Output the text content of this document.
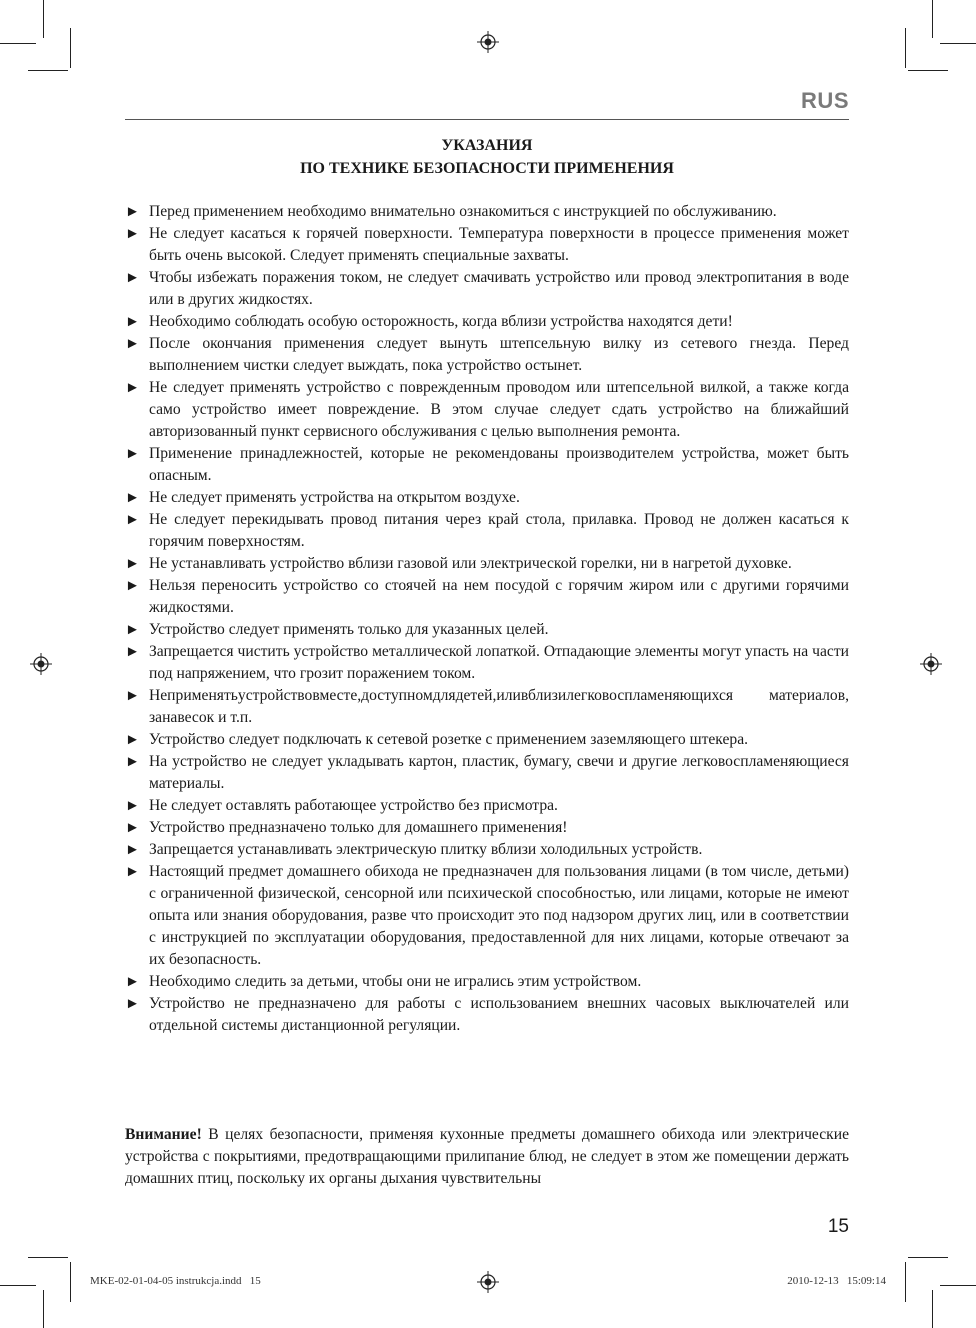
RUS
УКАЗАНИЯ
ПО ТЕХНИКЕ БЕЗОПАСНОСТИ ПРИМЕНЕНИЯ
► Перед применением необходимо внимательно ознакомиться с инструкцией по обслуживанию.
► Не следует касаться к горячей поверхности. Температура поверхности в процессе применения может быть очень высокой. Следует применять специальные захваты.
► Чтобы избежать поражения током, не следует смачивать устройство или провод электропитания в воде или в других жидкостях.
► Необходимо соблюдать особую осторожность, когда вблизи устройства находятся дети!
► После окончания применения следует вынуть штепсельную вилку из сетевого гнезда. Перед выполнением чистки следует выждать, пока устройство остынет.
► Не следует применять устройство с поврежденным проводом или штепсельной вилкой, а также когда само устройство имеет повреждение. В этом случае следует сдать устройство на ближайший авторизованный пункт сервисного обслуживания с целью выполнения ремонта.
► Применение принадлежностей, которые не рекомендованы производителем устройства, может быть опасным.
► Не следует применять устройства на открытом воздухе.
► Не следует перекидывать провод питания через край стола, прилавка. Провод не должен касаться к горячим поверхностям.
► Не устанавливать устройство вблизи газовой или электрической горелки, ни в нагретой духовке.
► Нельзя переносить устройство со стоячей на нем посудой с горячим жиром или с другими горячими жидкостями.
► Устройство следует применять только для указанных целей.
► Запрещается чистить устройство металлической лопаткой. Отпадающие элементы могут упасть на части под напряжением, что грозит поражением током.
► Неприменятьустройствовместе,доступномдлядетей,иливблизилегковоспламеняющихся материалов, занавесок и т.п.
► Устройство следует подключать к сетевой розетке с применением заземляющего штекера.
► На устройство не следует укладывать картон, пластик, бумагу, свечи и другие легковоспламеняющиеся материалы.
► Не следует оставлять работающее устройство без присмотра.
► Устройство предназначено только для домашнего применения!
► Запрещается устанавливать электрическую плитку вблизи холодильных устройств.
► Настоящий предмет домашнего обихода не предназначен для пользования лицами (в том числе, детьми) с ограниченной физической, сенсорной или психической способностью, или лицами, которые не имеют опыта или знания оборудования, разве что происходит это под надзором других лиц, или в соответствии с инструкцией по эксплуатации оборудования, предоставленной для них лицами, которые отвечают за их безопасность.
► Необходимо следить за детьми, чтобы они не игрались этим устройством.
► Устройство не предназначено для работы с использованием внешних часовых выключателей или отдельной системы дистанционной регуляции.

Внимание! В целях безопасности, применяя кухонные предметы домашнего обихода или электрические устройства с покрытиями, предотвращающими прилипание блюд, не следует в этом же помещении держать домашних птиц, поскольку их органы дыхания чувствительны

15
MKE-02-01-04-05 instrukcja.indd   15	2010-12-13   15:09:14
